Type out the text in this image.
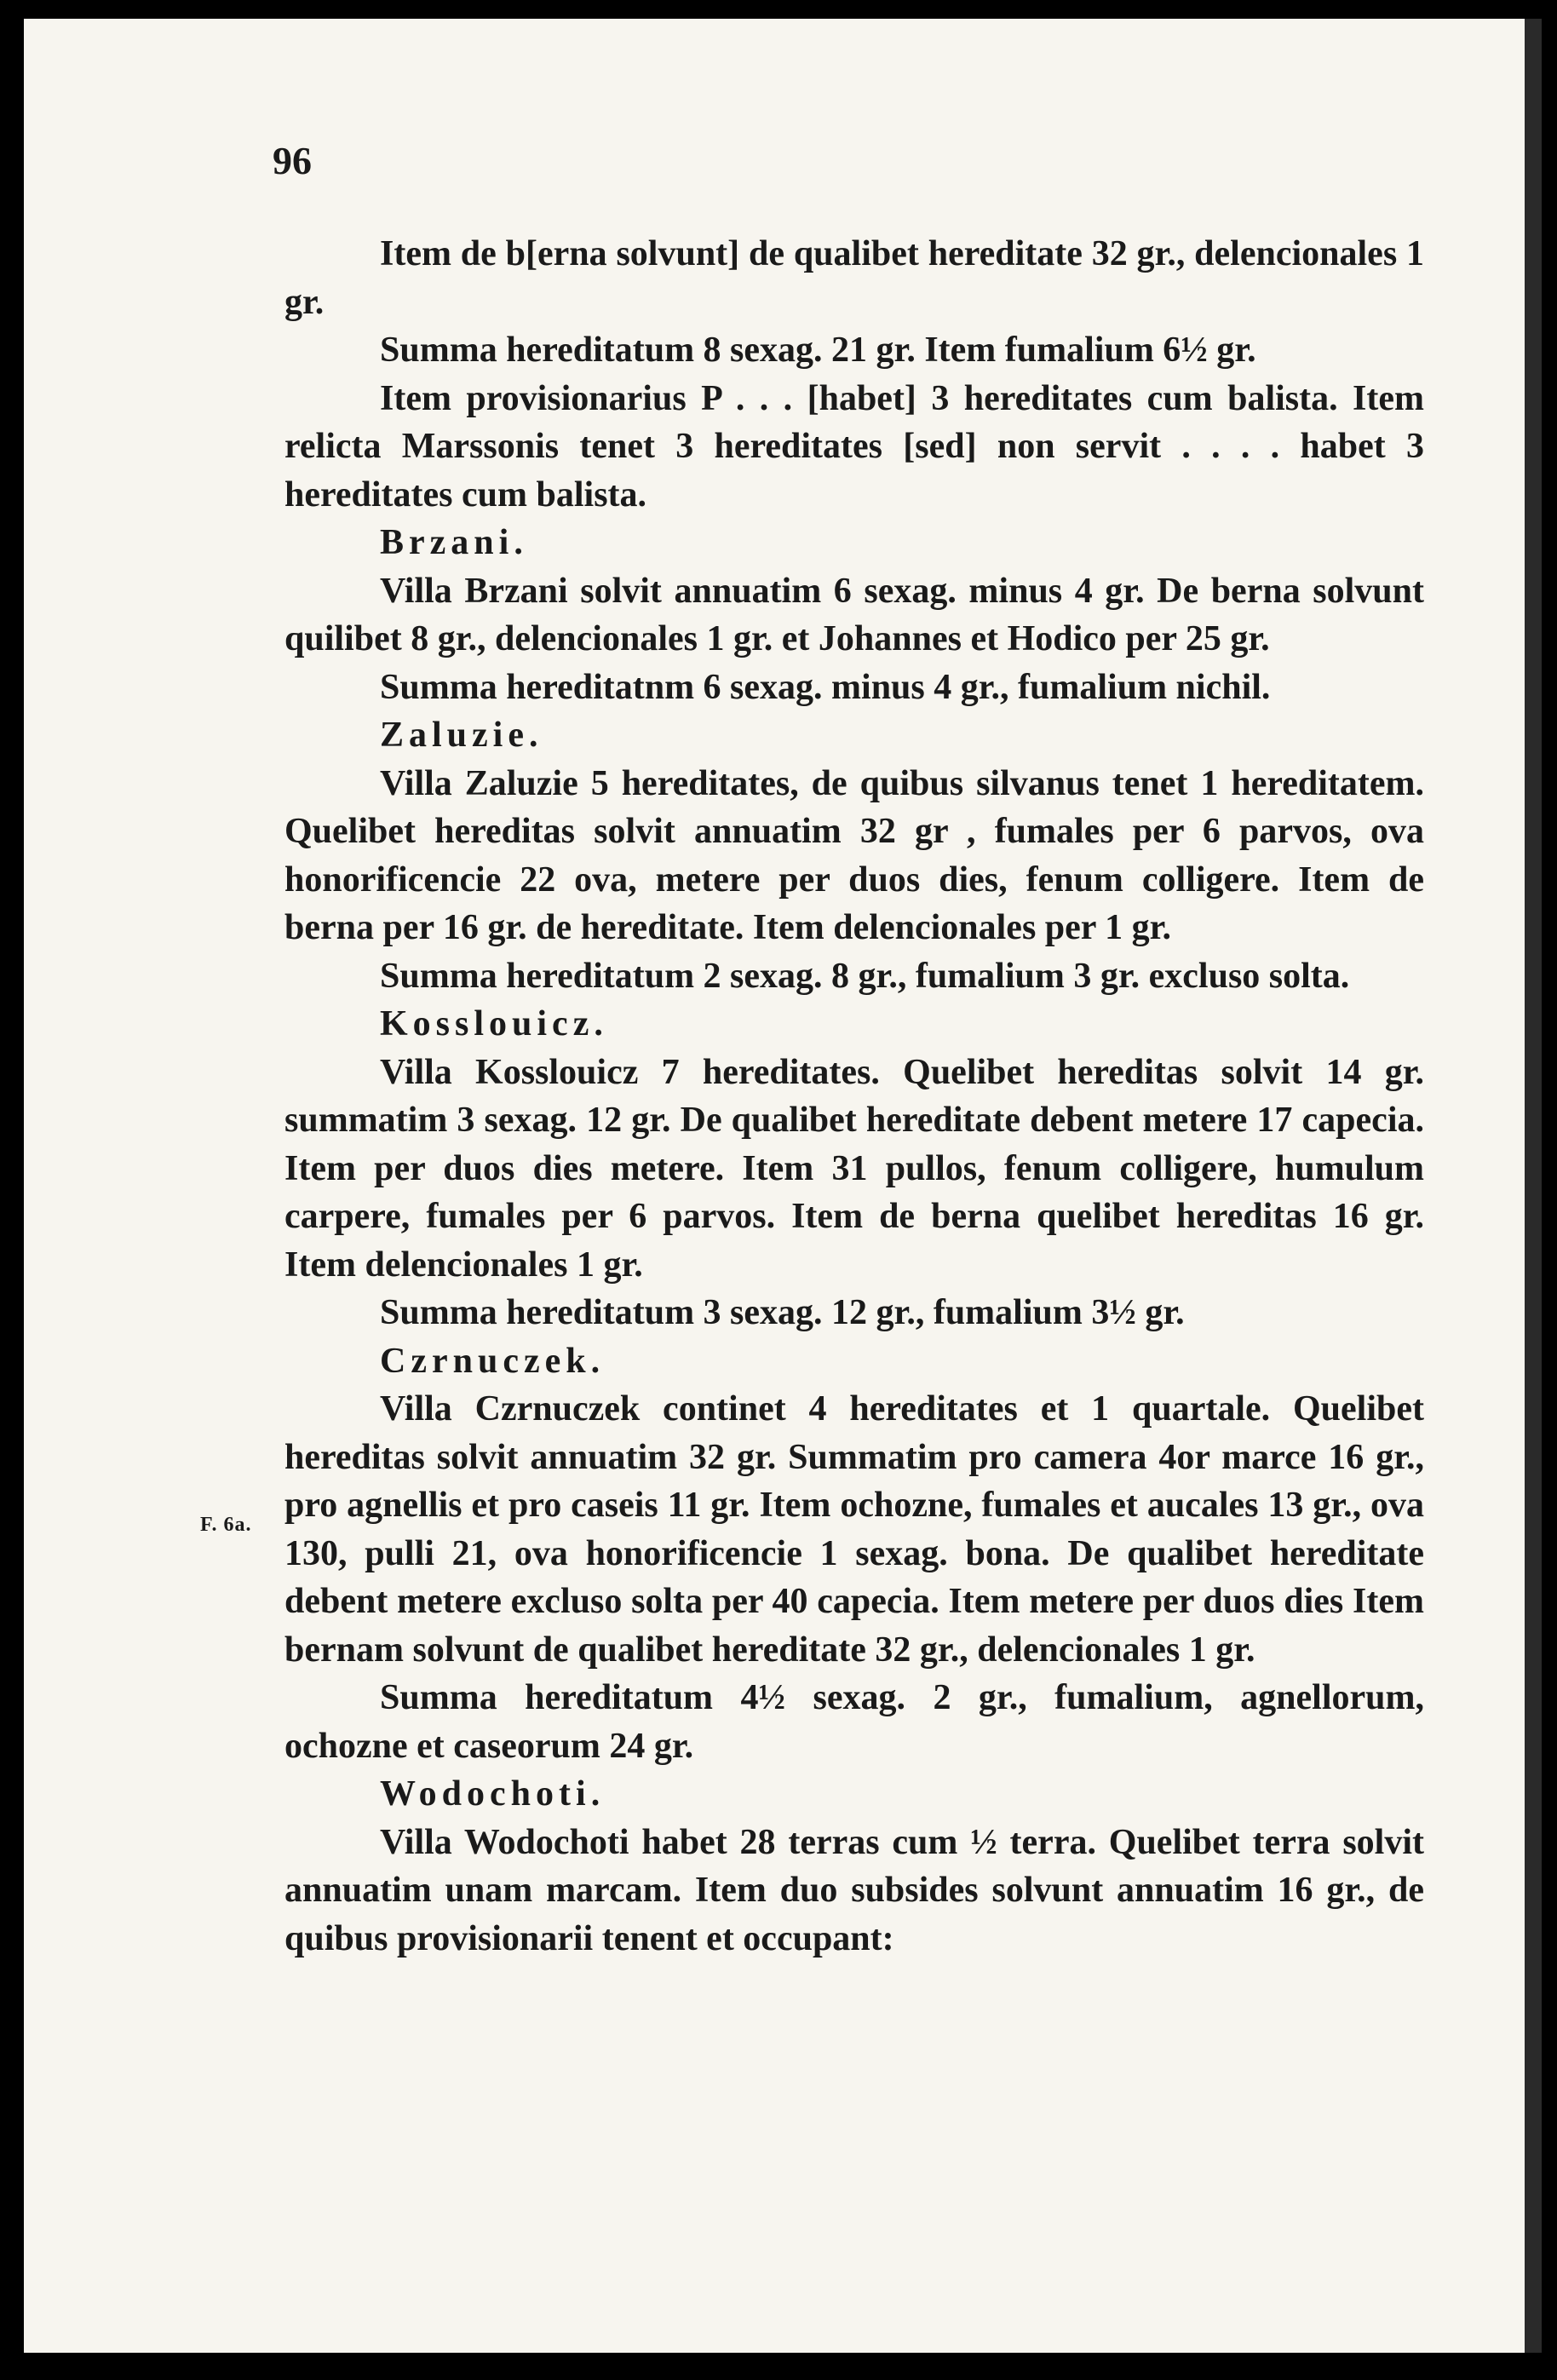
96
F. 6a.

Item de b[erna solvunt] de qualibet hereditate 32 gr., delencionales 1 gr.

Summa hereditatum 8 sexag. 21 gr. Item fumalium 6½ gr.

Item provisionarius P . . . [habet] 3 hereditates cum balista. Item relicta Marssonis tenet 3 hereditates [sed] non servit . . . . habet 3 hereditates cum balista.

Brzani.

Villa Brzani solvit annuatim 6 sexag. minus 4 gr. De berna solvunt quilibet 8 gr., delencionales 1 gr. et Johannes et Hodico per 25 gr.

Summa hereditatnm 6 sexag. minus 4 gr., fumalium nichil.

Zaluzie.

Villa Zaluzie 5 hereditates, de quibus silvanus tenet 1 hereditatem. Quelibet hereditas solvit annuatim 32 gr , fumales per 6 parvos, ova honorificencie 22 ova, metere per duos dies, fenum colligere. Item de berna per 16 gr. de hereditate. Item delencionales per 1 gr.

Summa hereditatum 2 sexag. 8 gr., fumalium 3 gr. excluso solta.

Kosslouicz.

Villa Kosslouicz 7 hereditates. Quelibet hereditas solvit 14 gr. summatim 3 sexag. 12 gr. De qualibet hereditate debent metere 17 capecia. Item per duos dies metere. Item 31 pullos, fenum colligere, humulum carpere, fumales per 6 parvos. Item de berna quelibet hereditas 16 gr. Item delencionales 1 gr.

Summa hereditatum 3 sexag. 12 gr., fumalium 3½ gr.

Czrnuczek.

Villa Czrnuczek continet 4 hereditates et 1 quartale. Quelibet hereditas solvit annuatim 32 gr. Summatim pro camera 4or marce 16 gr., pro agnellis et pro caseis 11 gr. Item ochozne, fumales et aucales 13 gr., ova 130, pulli 21, ova honorificencie 1 sexag. bona. De qualibet hereditate debent metere excluso solta per 40 capecia. Item metere per duos dies Item bernam solvunt de qualibet hereditate 32 gr., delencionales 1 gr.

Summa hereditatum 4½ sexag. 2 gr., fumalium, agnellorum, ochozne et caseorum 24 gr.

Wodochoti.

Villa Wodochoti habet 28 terras cum ½ terra. Quelibet terra solvit annuatim unam marcam. Item duo subsides solvunt annuatim 16 gr., de quibus provisionarii tenent et occupant:
